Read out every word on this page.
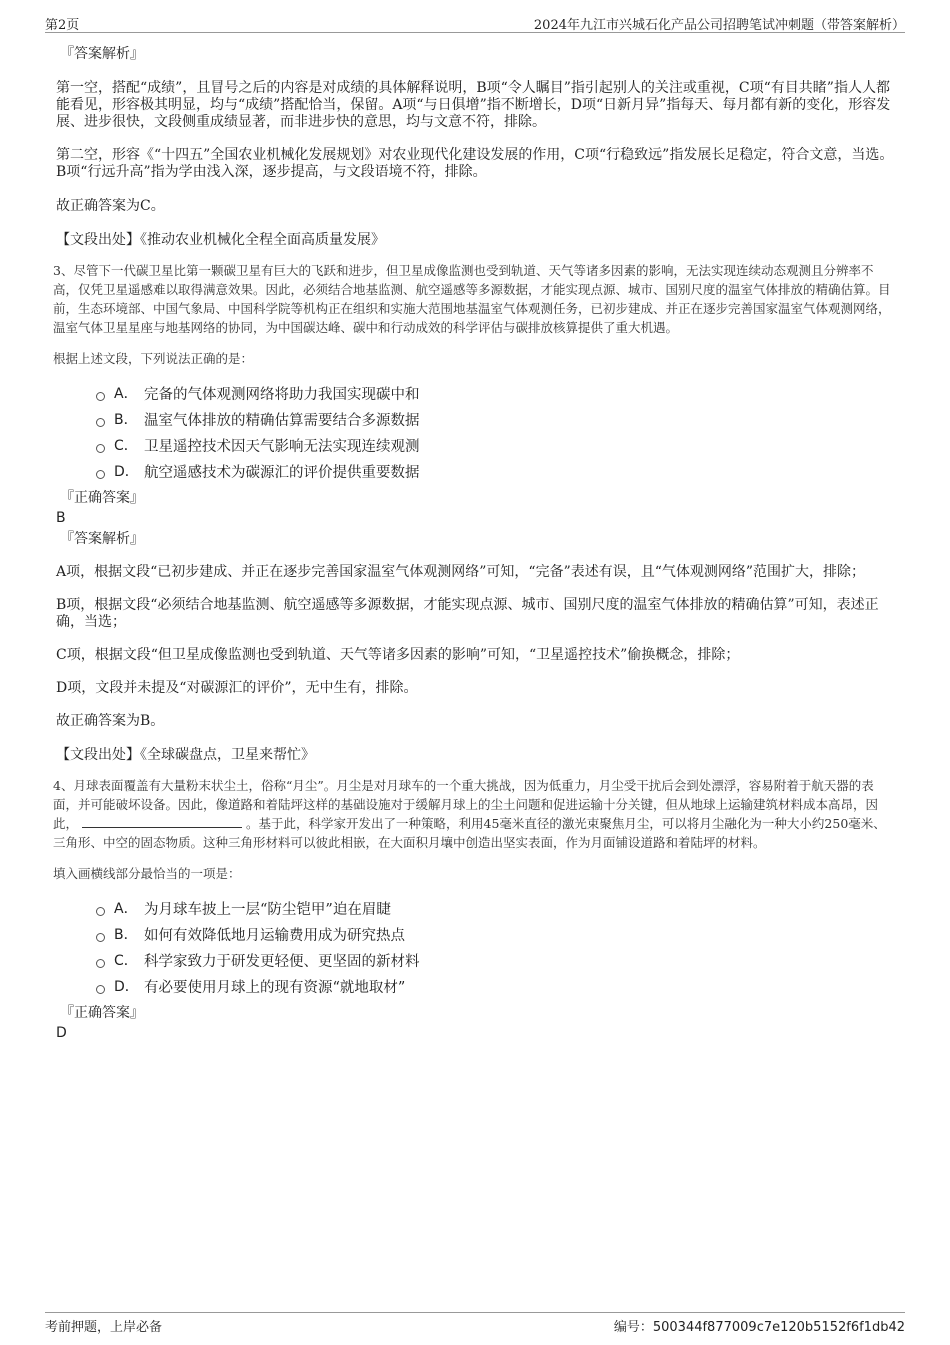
第2页	2024年九江市兴城石化产品公司招聘笔试冲刺题（带答案解析）

『答案解析』

第一空，搭配“成绩”，且冒号之后的内容是对成绩的具体解释说明，B项“令人瞩目”指引起别人的关注或重视，C项“有目共睹”指人人都能看见，形容极其明显，均与“成绩”搭配恰当，保留。A项“与日俱增”指不断增长，D项“日新月异”指每天、每月都有新的变化，形容发展、进步很快，文段侧重成绩显著，而非进步快的意思，均与文意不符，排除。

第二空，形容《“十四五”全国农业机械化发展规划》对农业现代化建设发展的作用，C项“行稳致远”指发展长足稳定，符合文意，当选。B项“行远升高”指为学由浅入深，逐步提高，与文段语境不符，排除。

故正确答案为C。

【文段出处】《推动农业机械化全程全面高质量发展》

3、尽管下一代碳卫星比第一颗碳卫星有巨大的飞跃和进步，但卫星成像监测也受到轨道、天气等诸多因素的影响，无法实现连续动态观测且分辨率不高，仅凭卫星遥感难以取得满意效果。因此，必须结合地基监测、航空遥感等多源数据，才能实现点源、城市、国别尺度的温室气体排放的精确估算。目前，生态环境部、中国气象局、中国科学院等机构正在组织和实施大范围地基温室气体观测任务，已初步建成、并正在逐步完善国家温室气体观测网络，温室气体卫星星座与地基网络的协同，为中国碳达峰、碳中和行动成效的科学评估与碳排放核算提供了重大机遇。

根据上述文段，下列说法正确的是：

A． 完备的气体观测网络将助力我国实现碳中和
B． 温室气体排放的精确估算需要结合多源数据
C． 卫星遥控技术因天气影响无法实现连续观测
D． 航空遥感技术为碳源汇的评价提供重要数据

『正确答案』

B

『答案解析』

A项，根据文段“已初步建成、并正在逐步完善国家温室气体观测网络”可知，“完备”表述有误，且“气体观测网络”范围扩大，排除；

B项，根据文段“必须结合地基监测、航空遥感等多源数据，才能实现点源、城市、国别尺度的温室气体排放的精确估算”可知，表述正确，当选；

C项，根据文段“但卫星成像监测也受到轨道、天气等诸多因素的影响”可知，“卫星遥控技术”偷换概念，排除；

D项，文段并未提及“对碳源汇的评价”，无中生有，排除。

故正确答案为B。

【文段出处】《全球碳盘点，卫星来帮忙》

4、月球表面覆盖有大量粉末状尘土，俗称“月尘”。月尘是对月球车的一个重大挑战，因为低重力，月尘受干扰后会到处漂浮，容易附着于航天器的表面，并可能破坏设备。因此，像道路和着陆坪这样的基础设施对于缓解月球上的尘土问题和促进运输十分关键，但从地球上运输建筑材料成本高昂，因此，	。基于此，科学家开发出了一种策略，利用45毫米直径的激光束聚焦月尘，可以将月尘融化为一种大小约250毫米、三角形、中空的固态物质。这种三角形材料可以彼此相嵌，在大面积月壤中创造出坚实表面，作为月面铺设道路和着陆坪的材料。

填入画横线部分最恰当的一项是：

A． 为月球车披上一层“防尘铠甲”迫在眉睫
B． 如何有效降低地月运输费用成为研究热点
C． 科学家致力于研发更轻便、更坚固的新材料
D． 有必要使用月球上的现有资源“就地取材”

『正确答案』

D

考前押题，上岸必备	编号：500344f877009c7e120b5152f6f1db42
